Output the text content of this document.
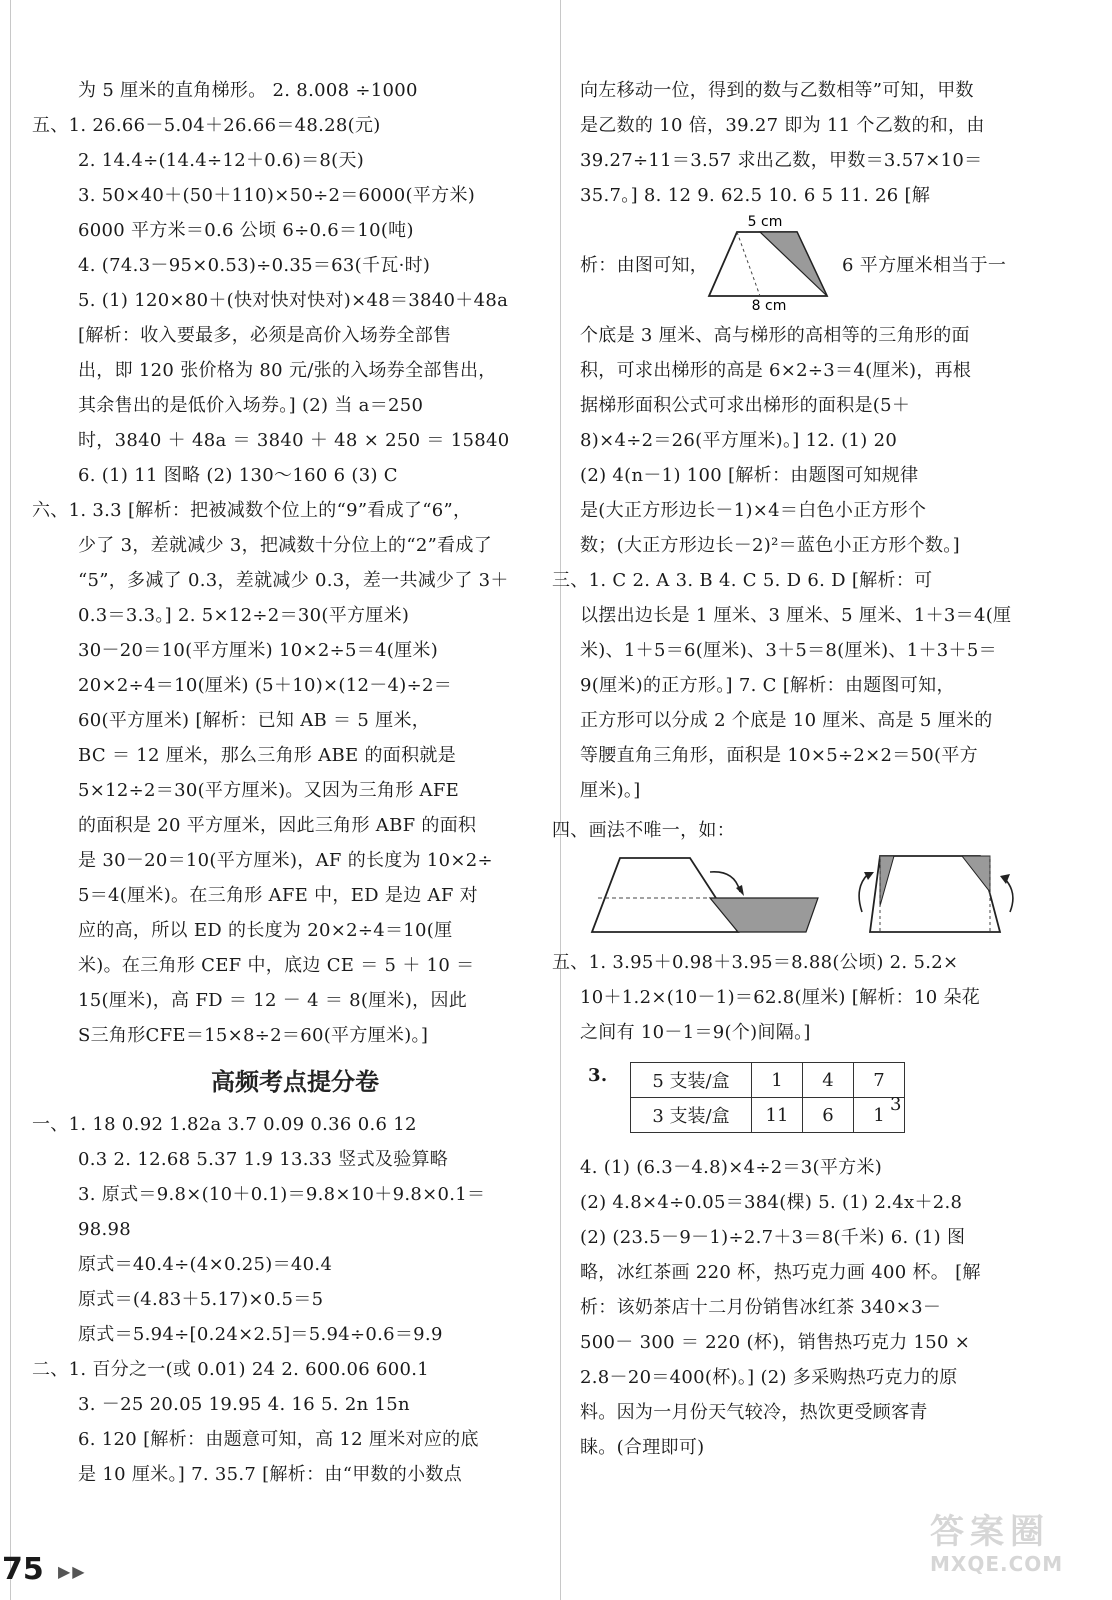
为 5 厘米的直角梯形。 2. 8.008 ÷1000
五、1. 26.66－5.04＋26.66＝48.28(元)
2. 14.4÷(14.4÷12＋0.6)＝8(天)
3. 50×40＋(50＋110)×50÷2＝6000(平方米)
6000 平方米＝0.6 公顷 6÷0.6＝10(吨)
4. (74.3－95×0.53)÷0.35＝63(千瓦·时)
5. (1) 120×80＋(快对快对快对)×48＝3840＋48a
[解析：收入要最多，必须是高价入场券全部售
出，即 120 张价格为 80 元/张的入场券全部售出，
其余售出的是低价入场券。] (2) 当 a＝250
时，3840 ＋ 48a ＝ 3840 ＋ 48 × 250 ＝ 15840
6. (1) 11 图略 (2) 130～160 6 (3) C
六、1. 3.3 [解析：把被减数个位上的“9”看成了“6”，
少了 3，差就减少 3，把减数十分位上的“2”看成了
“5”，多减了 0.3，差就减少 0.3，差一共减少了 3＋
0.3＝3.3。] 2. 5×12÷2＝30(平方厘米)
30－20＝10(平方厘米) 10×2÷5＝4(厘米)
20×2÷4＝10(厘米) (5＋10)×(12－4)÷2＝
60(平方厘米) [解析：已知 AB ＝ 5 厘米，
BC ＝ 12 厘米，那么三角形 ABE 的面积就是
5×12÷2＝30(平方厘米)。又因为三角形 AFE
的面积是 20 平方厘米，因此三角形 ABF 的面积
是 30－20＝10(平方厘米)，AF 的长度为 10×2÷
5＝4(厘米)。在三角形 AFE 中，ED 是边 AF 对
应的高，所以 ED 的长度为 20×2÷4＝10(厘
米)。在三角形 CEF 中，底边 CE ＝ 5 ＋ 10 ＝
15(厘米)，高 FD ＝ 12 － 4 ＝ 8(厘米)，因此
S三角形CFE＝15×8÷2＝60(平方厘米)。]
高频考点提分卷
一、1. 18 0.92 1.82a 3.7 0.09 0.36 0.6 12
0.3 2. 12.68 5.37 1.9 13.33 竖式及验算略
3. 原式＝9.8×(10＋0.1)＝9.8×10＋9.8×0.1＝
98.98
原式＝40.4÷(4×0.25)＝40.4
原式＝(4.83＋5.17)×0.5＝5
原式＝5.94÷[0.24×2.5]＝5.94÷0.6＝9.9
二、1. 百分之一(或 0.01) 24 2. 600.06 600.1
3. －25 20.05 19.95 4. 16 5. 2n 15n
6. 120 [解析：由题意可知，高 12 厘米对应的底
是 10 厘米。] 7. 35.7 [解析：由“甲数的小数点
向左移动一位，得到的数与乙数相等”可知，甲数
是乙数的 10 倍，39.27 即为 11 个乙数的和，由
39.27÷11＝3.57 求出乙数，甲数＝3.57×10＝
35.7。] 8. 12 9. 62.5 10. 6 5 11. 26 [解
析：由图可知，
5 cm
8 cm
6 平方厘米相当于一
个底是 3 厘米、高与梯形的高相等的三角形的面
积，可求出梯形的高是 6×2÷3＝4(厘米)，再根
据梯形面积公式可求出梯形的面积是(5＋
8)×4÷2＝26(平方厘米)。] 12. (1) 20
(2) 4(n－1) 100 [解析：由题图可知规律
是(大正方形边长－1)×4＝白色小正方形个
数；(大正方形边长－2)²＝蓝色小正方形个数。]
三、1. C 2. A 3. B 4. C 5. D 6. D [解析：可
以摆出边长是 1 厘米、3 厘米、5 厘米、1＋3＝4(厘
米)、1＋5＝6(厘米)、3＋5＝8(厘米)、1＋3＋5＝
9(厘米)的正方形。] 7. C [解析：由题图可知，
正方形可以分成 2 个底是 10 厘米、高是 5 厘米的
等腰直角三角形，面积是 10×5÷2×2＝50(平方
厘米)。]
四、画法不唯一，如：
五、1. 3.95＋0.98＋3.95＝8.88(公顷) 2. 5.2×
10＋1.2×(10－1)＝62.8(厘米) [解析：10 朵花
之间有 10－1＝9(个)间隔。]
3. 5 支装/盒	1	4	7
3 支装/盒	11	6	1 3
4. (1) (6.3－4.8)×4÷2＝3(平方米)
(2) 4.8×4÷0.05＝384(棵) 5. (1) 2.4x＋2.8
(2) (23.5－9－1)÷2.7＋3＝8(千米) 6. (1) 图
略，冰红茶画 220 杯，热巧克力画 400 杯。 [解
析：该奶茶店十二月份销售冰红茶 340×3－
500－ 300 ＝ 220 (杯)，销售热巧克力 150 ×
2.8－20＝400(杯)。] (2) 多采购热巧克力的原
料。因为一月份天气较冷，热饮更受顾客青
睐。(合理即可)
75 ▶▶
答案圈
MXQE.COM
